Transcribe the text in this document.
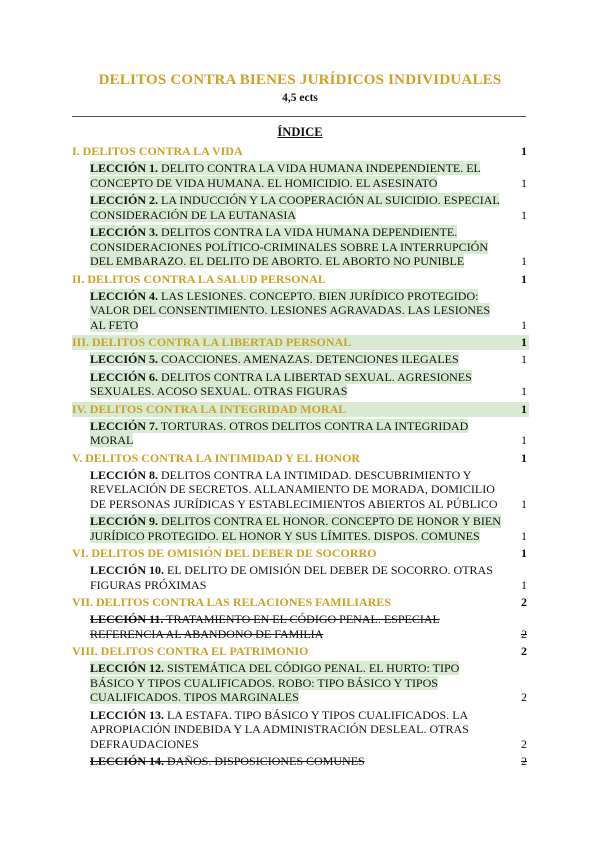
DELITOS CONTRA BIENES JURÍDICOS INDIVIDUALES
4,5 ects
ÍNDICE
I. DELITOS CONTRA LA VIDA	1
LECCIÓN 1. DELITO CONTRA LA VIDA HUMANA INDEPENDIENTE. EL CONCEPTO DE VIDA HUMANA. EL HOMICIDIO. EL ASESINATO	1
LECCIÓN 2. LA INDUCCIÓN Y LA COOPERACIÓN AL SUICIDIO. ESPECIAL CONSIDERACIÓN DE LA EUTANASIA	1
LECCIÓN 3. DELITOS CONTRA LA VIDA HUMANA DEPENDIENTE. CONSIDERACIONES POLÍTICO-CRIMINALES SOBRE LA INTERRUPCIÓN DEL EMBARAZO. EL DELITO DE ABORTO. EL ABORTO NO PUNIBLE	1
II. DELITOS CONTRA LA SALUD PERSONAL	1
LECCIÓN 4. LAS LESIONES. CONCEPTO. BIEN JURÍDICO PROTEGIDO: VALOR DEL CONSENTIMIENTO. LESIONES AGRAVADAS. LAS LESIONES AL FETO	1
III. DELITOS CONTRA LA LIBERTAD PERSONAL	1
LECCIÓN 5. COACCIONES. AMENAZAS. DETENCIONES ILEGALES	1
LECCIÓN 6. DELITOS CONTRA LA LIBERTAD SEXUAL. AGRESIONES SEXUALES. ACOSO SEXUAL. OTRAS FIGURAS	1
IV. DELITOS CONTRA LA INTEGRIDAD MORAL	1
LECCIÓN 7. TORTURAS. OTROS DELITOS CONTRA LA INTEGRIDAD MORAL	1
V. DELITOS CONTRA LA INTIMIDAD Y EL HONOR	1
LECCIÓN 8. DELITOS CONTRA LA INTIMIDAD. DESCUBRIMIENTO Y REVELACIÓN DE SECRETOS. ALLANAMIENTO DE MORADA, DOMICILIO DE PERSONAS JURÍDICAS Y ESTABLECIMIENTOS ABIERTOS AL PÚBLICO 1
LECCIÓN 9. DELITOS CONTRA EL HONOR. CONCEPTO DE HONOR Y BIEN JURÍDICO PROTEGIDO. EL HONOR Y SUS LÍMITES. DISPOS. COMUNES	1
VI. DELITOS DE OMISIÓN DEL DEBER DE SOCORRO	1
LECCIÓN 10. EL DELITO DE OMISIÓN DEL DEBER DE SOCORRO. OTRAS FIGURAS PRÓXIMAS	1
VII. DELITOS CONTRA LAS RELACIONES FAMILIARES	2
LECCIÓN 11. TRATAMIENTO EN EL CÓDIGO PENAL. ESPECIAL REFERENCIA AL ABANDONO DE FAMILIA	2
VIII. DELITOS CONTRA EL PATRIMONIO	2
LECCIÓN 12. SISTEMÁTICA DEL CÓDIGO PENAL. EL HURTO: TIPO BÁSICO Y TIPOS CUALIFICADOS. ROBO: TIPO BÁSICO Y TIPOS CUALIFICADOS. TIPOS MARGINALES	2
LECCIÓN 13. LA ESTAFA. TIPO BÁSICO Y TIPOS CUALIFICADOS. LA APROPIACIÓN INDEBIDA Y LA ADMINISTRACIÓN DESLEAL. OTRAS DEFRAUDACIONES	2
LECCIÓN 14. DAÑOS. DISPOSICIONES COMUNES	2
